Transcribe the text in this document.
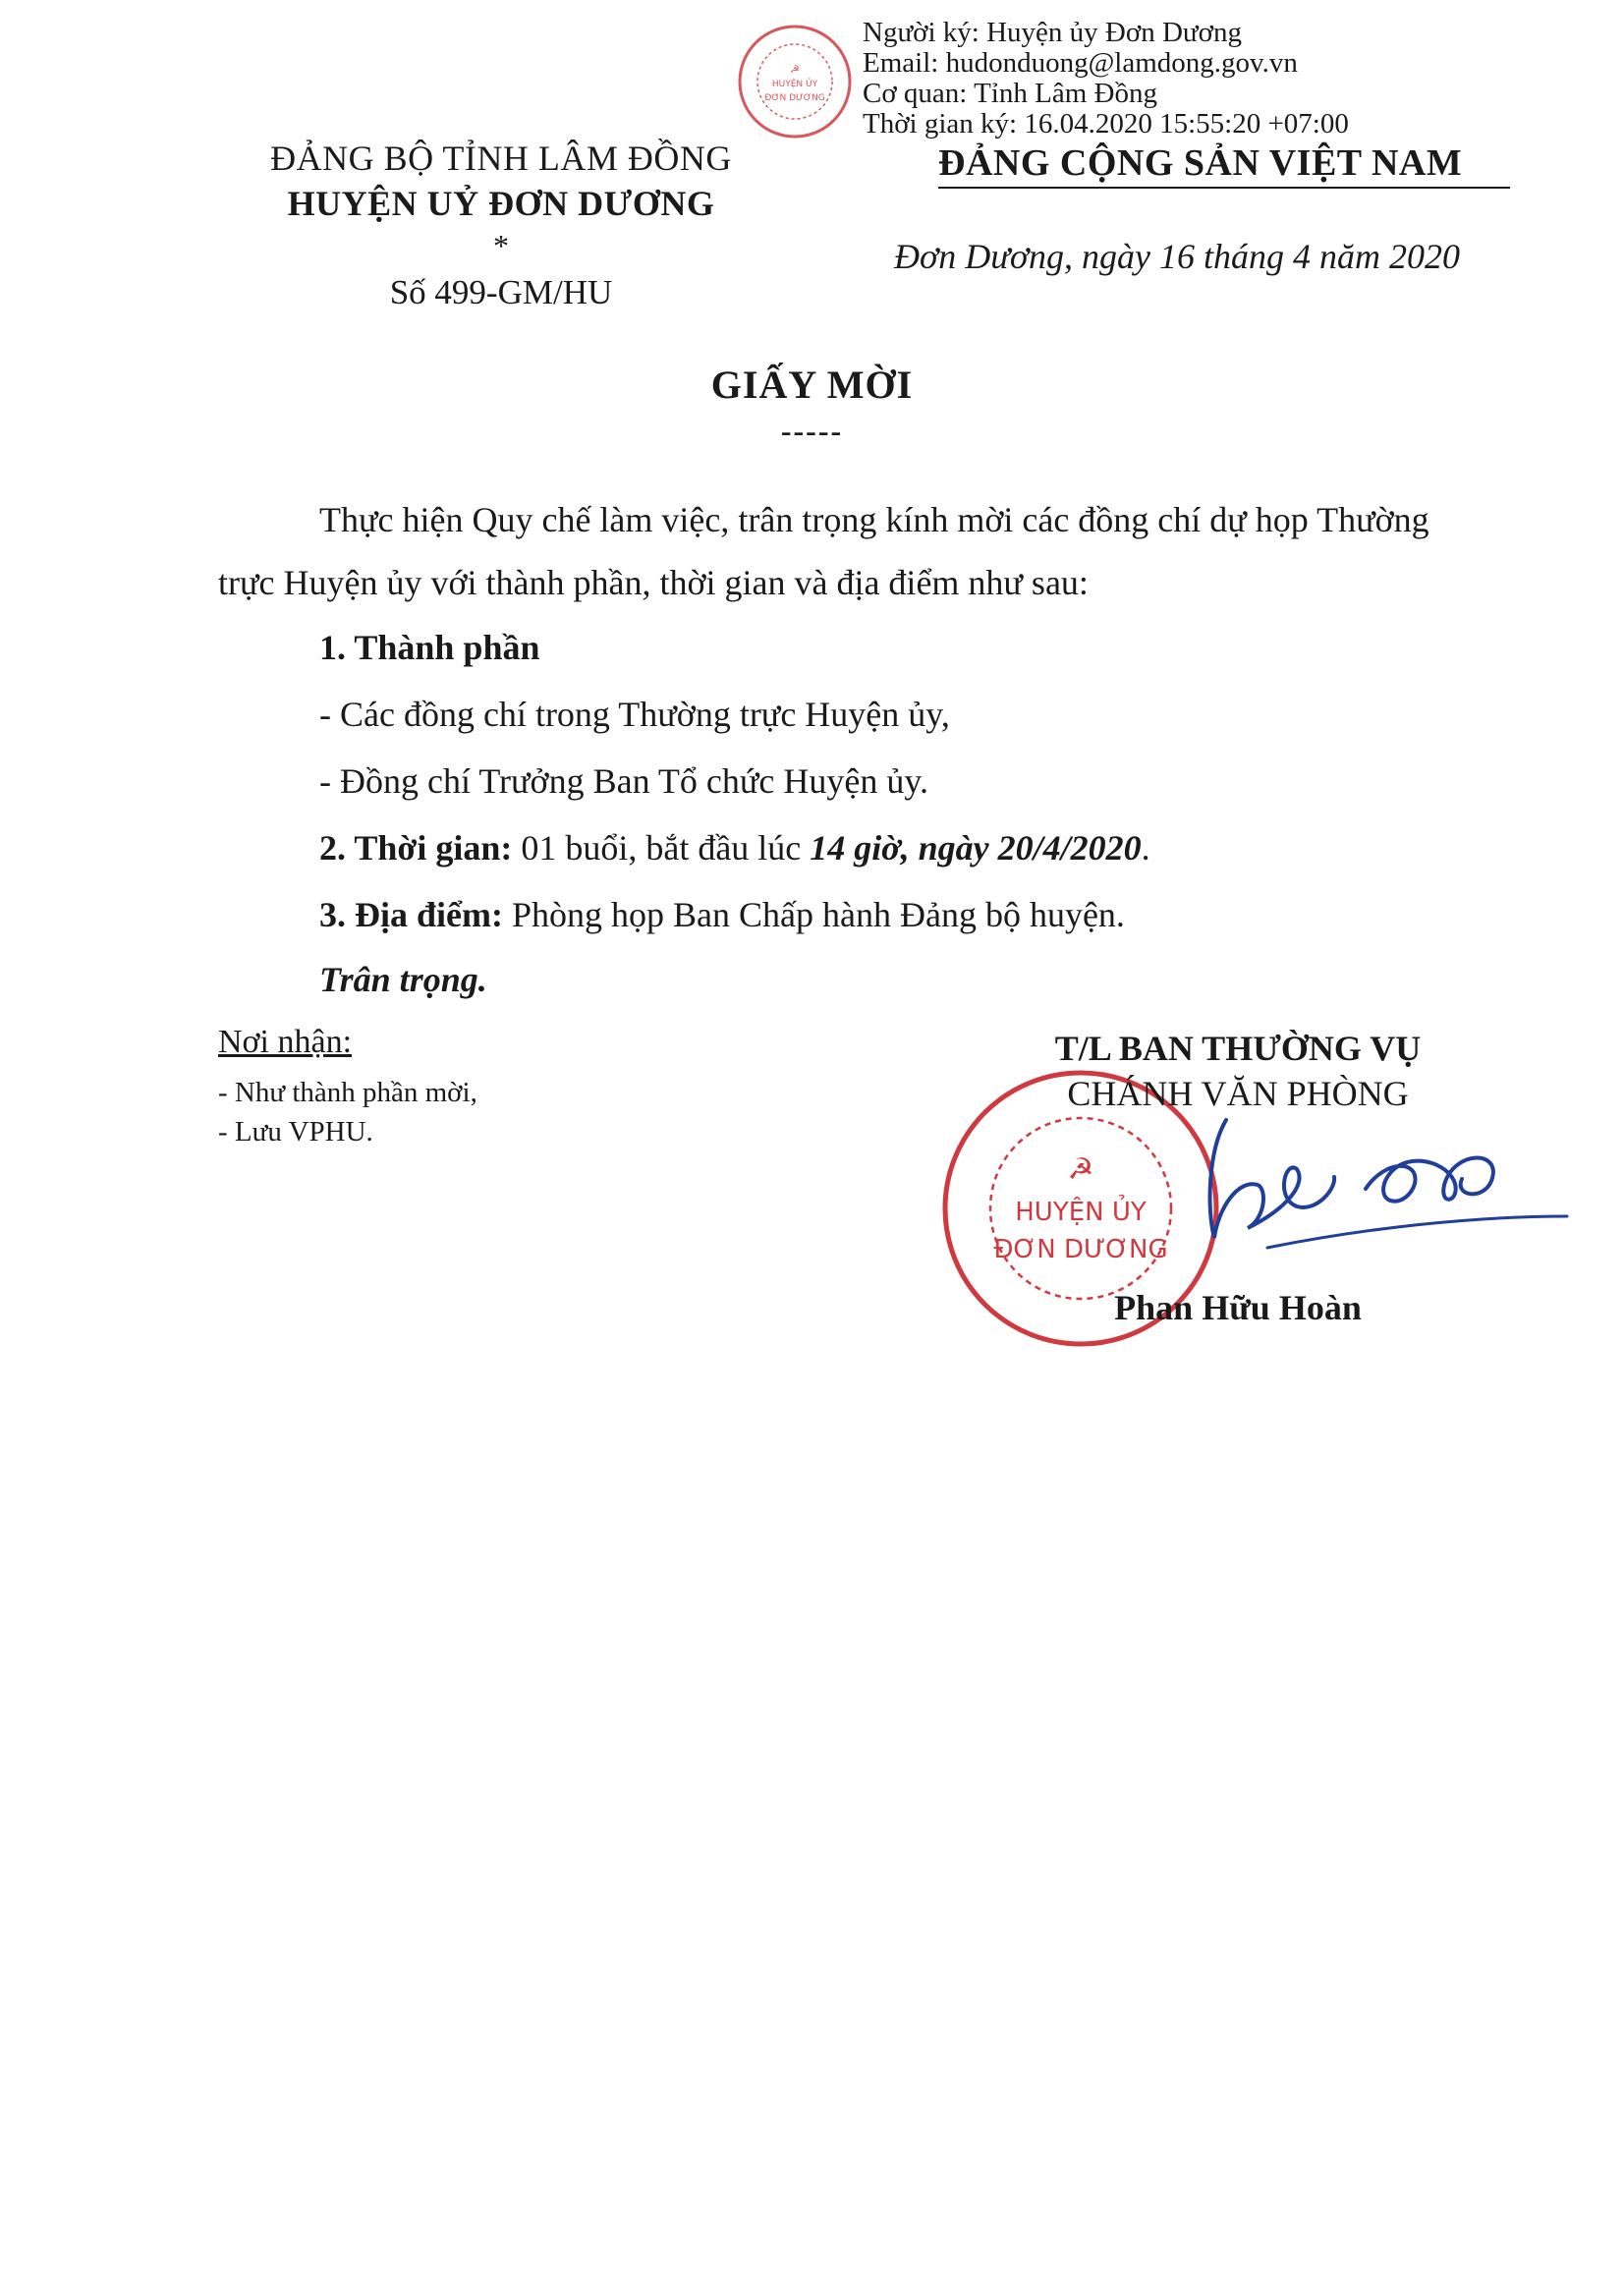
☭
HUYỆN ỦY
ĐƠN DƯƠNG
Người ký: Huyện ủy Đơn Dương
Email: hudonduong@lamdong.gov.vn
Cơ quan: Tỉnh Lâm Đồng
Thời gian ký: 16.04.2020 15:55:20 +07:00
ĐẢNG BỘ TỈNH LÂM ĐỒNG
HUYỆN UỶ ĐƠN DƯƠNG
*
Số 499-GM/HU
ĐẢNG CỘNG SẢN VIỆT NAM
Đơn Dương, ngày 16 tháng 4 năm 2020
GIẤY MỜI
-----
Thực hiện Quy chế làm việc, trân trọng kính mời các đồng chí dự họp Thường
trực Huyện ủy với thành phần, thời gian và địa điểm như sau:
1. Thành phần
- Các đồng chí trong Thường trực Huyện ủy,
- Đồng chí Trưởng Ban Tổ chức Huyện ủy.
2. Thời gian: 01 buổi, bắt đầu lúc 14 giờ, ngày 20/4/2020.
3. Địa điểm: Phòng họp Ban Chấp hành Đảng bộ huyện.
Trân trọng.
Nơi nhận:
- Như thành phần mời,
- Lưu VPHU.
☭
HUYỆN ỦY
ĐƠN DƯƠNG
T/L BAN THƯỜNG VỤ
CHÁNH VĂN PHÒNG
Phan Hữu Hoàn
